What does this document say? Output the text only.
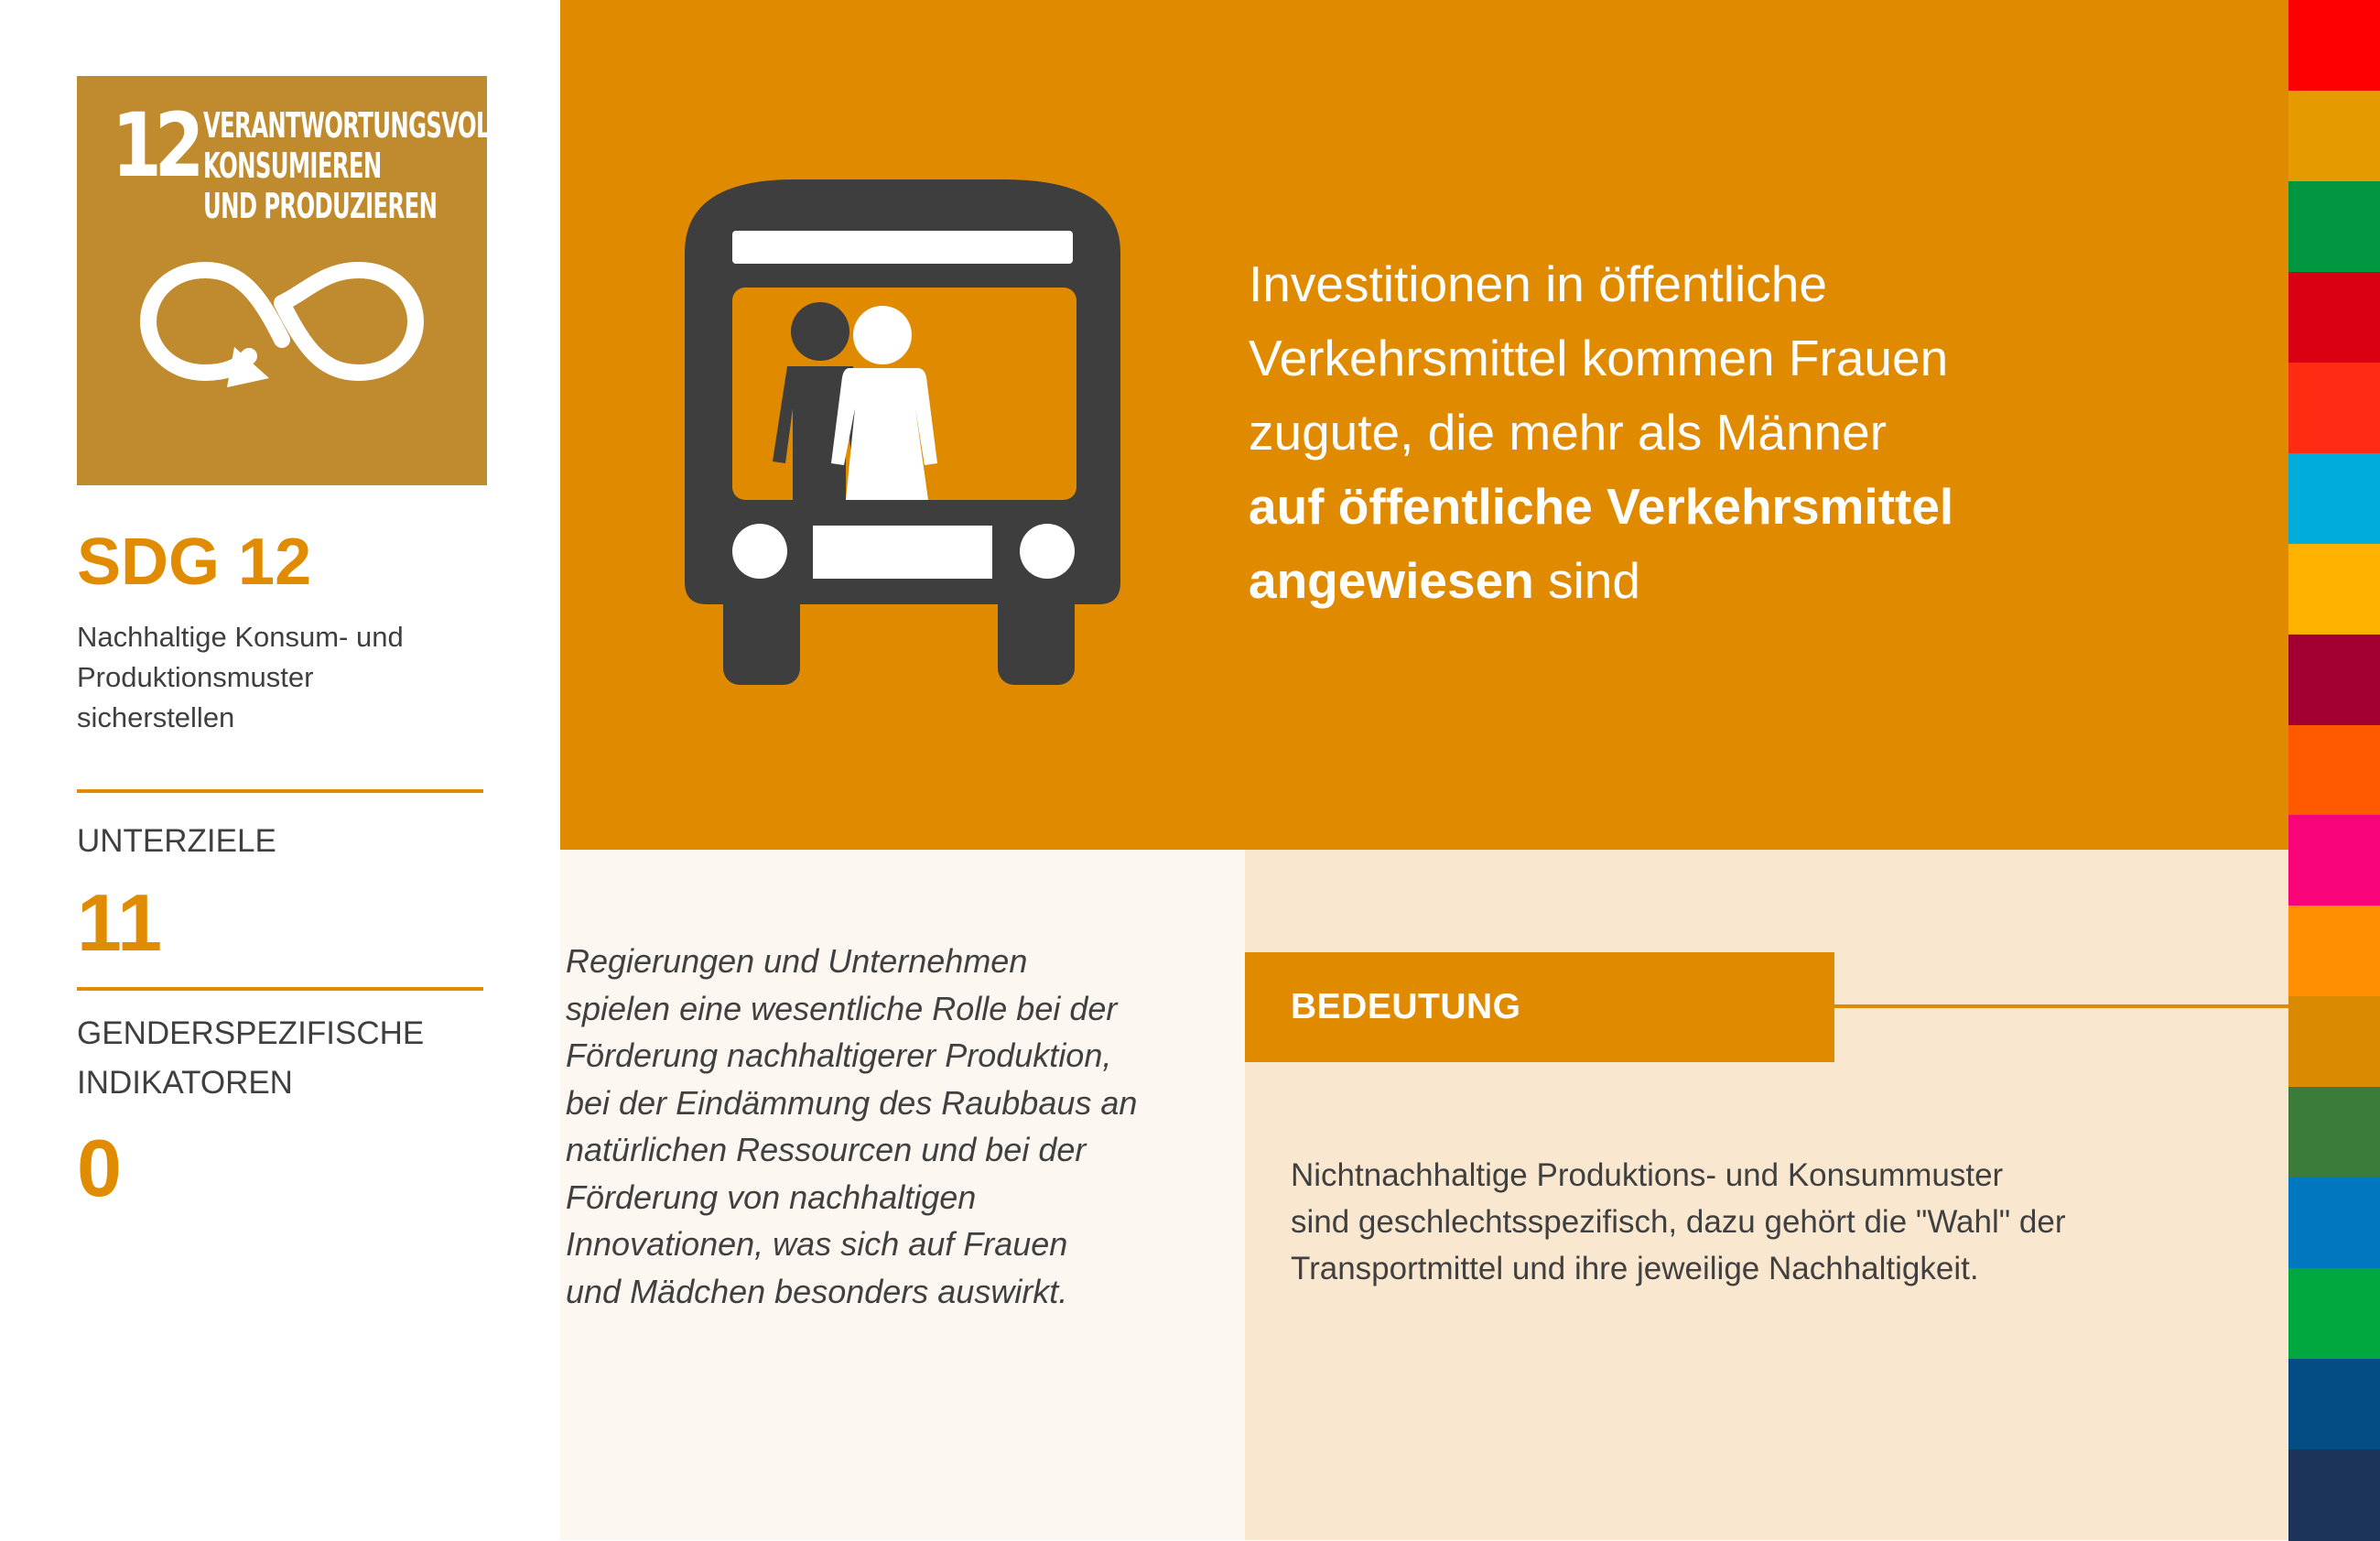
12 VERANTWORTUNGSVOLL
KONSUMIEREN
UND PRODUZIEREN
SDG 12
Nachhaltige Konsum- und
Produktionsmuster
sicherstellen
UNTERZIELE
11
GENDERSPEZIFISCHE
INDIKATOREN
0
Investitionen in öffentliche
Verkehrsmittel kommen Frauen
zugute, die mehr als Männer
auf öffentliche Verkehrsmittel
angewiesen sind
Regierungen und Unternehmen
spielen eine wesentliche Rolle bei der
Förderung nachhaltigerer Produktion,
bei der Eindämmung des Raubbaus an
natürlichen Ressourcen und bei der
Förderung von nachhaltigen
Innovationen, was sich auf Frauen
und Mädchen besonders auswirkt.
BEDEUTUNG
Nichtnachhaltige Produktions- und Konsummuster
sind geschlechtsspezifisch, dazu gehört die "Wahl" der
Transportmittel und ihre jeweilige Nachhaltigkeit.
